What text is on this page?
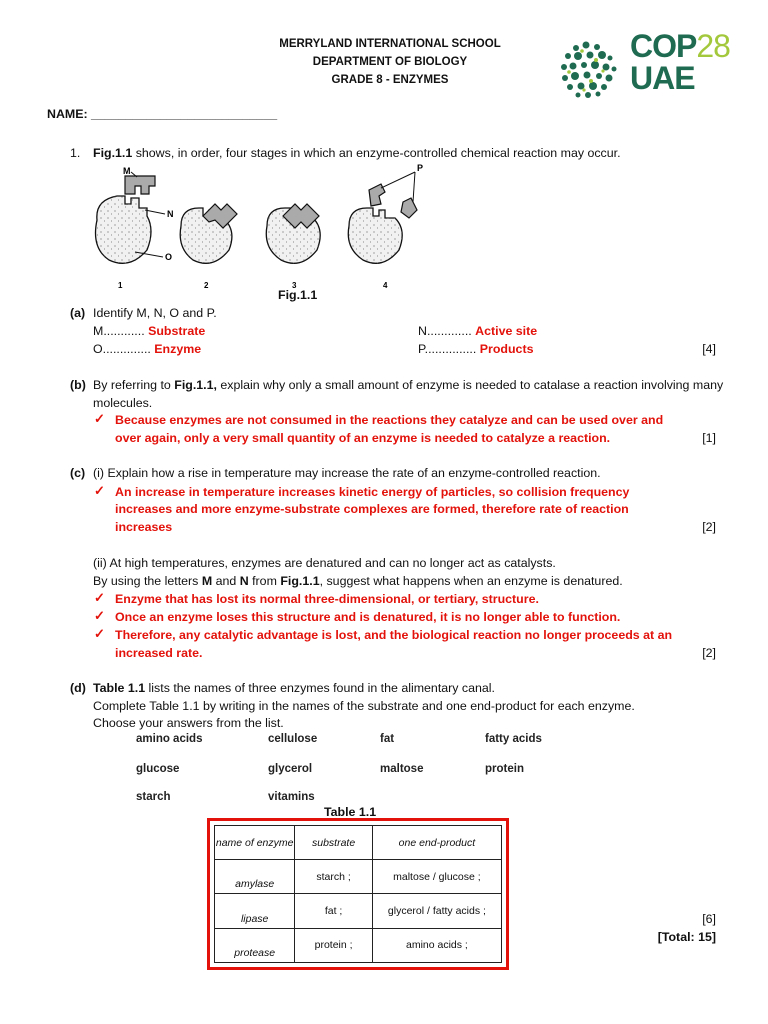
MERRYLAND INTERNATIONAL SCHOOL
DEPARTMENT OF BIOLOGY
GRADE 8 - ENZYMES
COP28
UAE
NAME: ___________________________
1. Fig.1.1 shows, in order, four stages in which an enzyme-controlled chemical reaction may occur.
M
N
O
P
1	2	3	4
Fig.1.1
(a) Identify M, N, O and P.
M............ Substrate	N............. Active site
O.............. Enzyme	P............... Products	[4]
(b) By referring to Fig.1.1, explain why only a small amount of enzyme is needed to catalase a reaction involving many molecules.
✓ Because enzymes are not consumed in the reactions they catalyze and can be used over and
over again, only a very small quantity of an enzyme is needed to catalyze a reaction.	[1]
(c) (i) Explain how a rise in temperature may increase the rate of an enzyme-controlled reaction.
✓ An increase in temperature increases kinetic energy of particles, so collision frequency
increases and more enzyme-substrate complexes are formed, therefore rate of reaction
increases	[2]
(ii) At high temperatures, enzymes are denatured and can no longer act as catalysts.
By using the letters M and N from Fig.1.1, suggest what happens when an enzyme is denatured.
✓ Enzyme that has lost its normal three-dimensional, or tertiary, structure.
✓ Once an enzyme loses this structure and is denatured, it is no longer able to function.
✓ Therefore, any catalytic advantage is lost, and the biological reaction no longer proceeds at an
increased rate.	[2]
(d) Table 1.1 lists the names of three enzymes found in the alimentary canal.
Complete Table 1.1 by writing in the names of the substrate and one end-product for each enzyme.
Choose your answers from the list.
amino acids	cellulose	fat	fatty acids
glucose	glycerol	maltose	protein
starch	vitamins
Table 1.1
name of enzyme	substrate	one end-product
amylase	starch ;	maltose / glucose ;
lipase	fat ;	glycerol / fatty acids ;
protease	protein ;	amino acids ;
[6]
[Total: 15]
